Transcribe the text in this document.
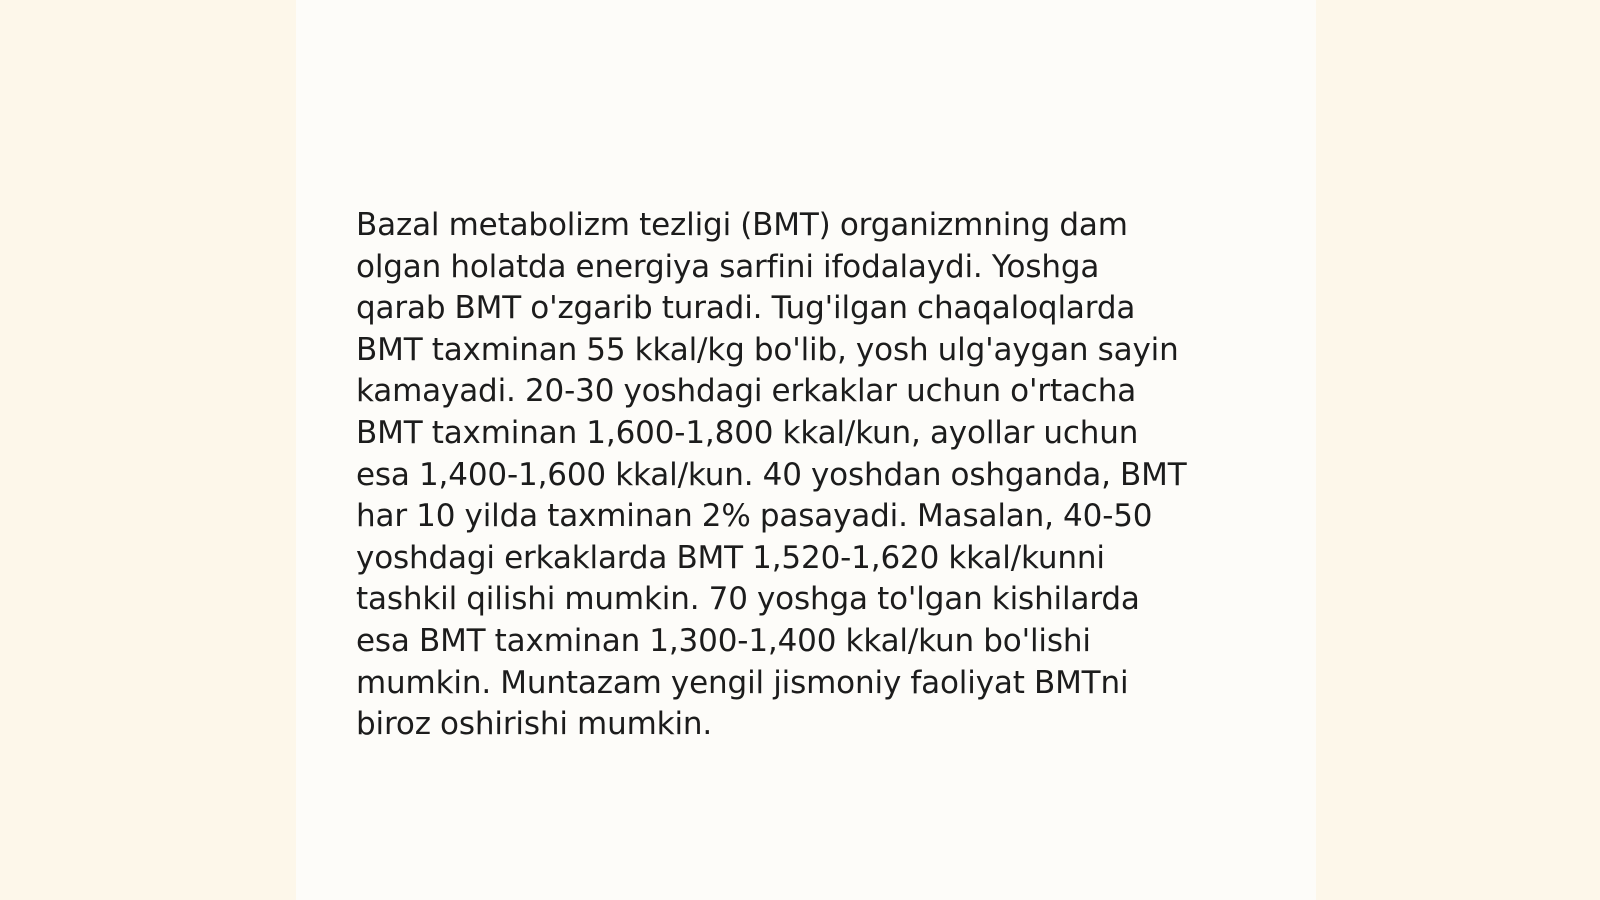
Bazal metabolizm tezligi (BMT) organizmning dam
olgan holatda energiya sarfini ifodalaydi. Yoshga
qarab BMT o'zgarib turadi. Tug'ilgan chaqaloqlarda
BMT taxminan 55 kkal/kg bo'lib, yosh ulg'aygan sayin
kamayadi. 20-30 yoshdagi erkaklar uchun o'rtacha
BMT taxminan 1,600-1,800 kkal/kun, ayollar uchun
esa 1,400-1,600 kkal/kun. 40 yoshdan oshganda, BMT
har 10 yilda taxminan 2% pasayadi. Masalan, 40-50
yoshdagi erkaklarda BMT 1,520-1,620 kkal/kunni
tashkil qilishi mumkin. 70 yoshga to'lgan kishilarda
esa BMT taxminan 1,300-1,400 kkal/kun bo'lishi
mumkin. Muntazam yengil jismoniy faoliyat BMTni
biroz oshirishi mumkin.
